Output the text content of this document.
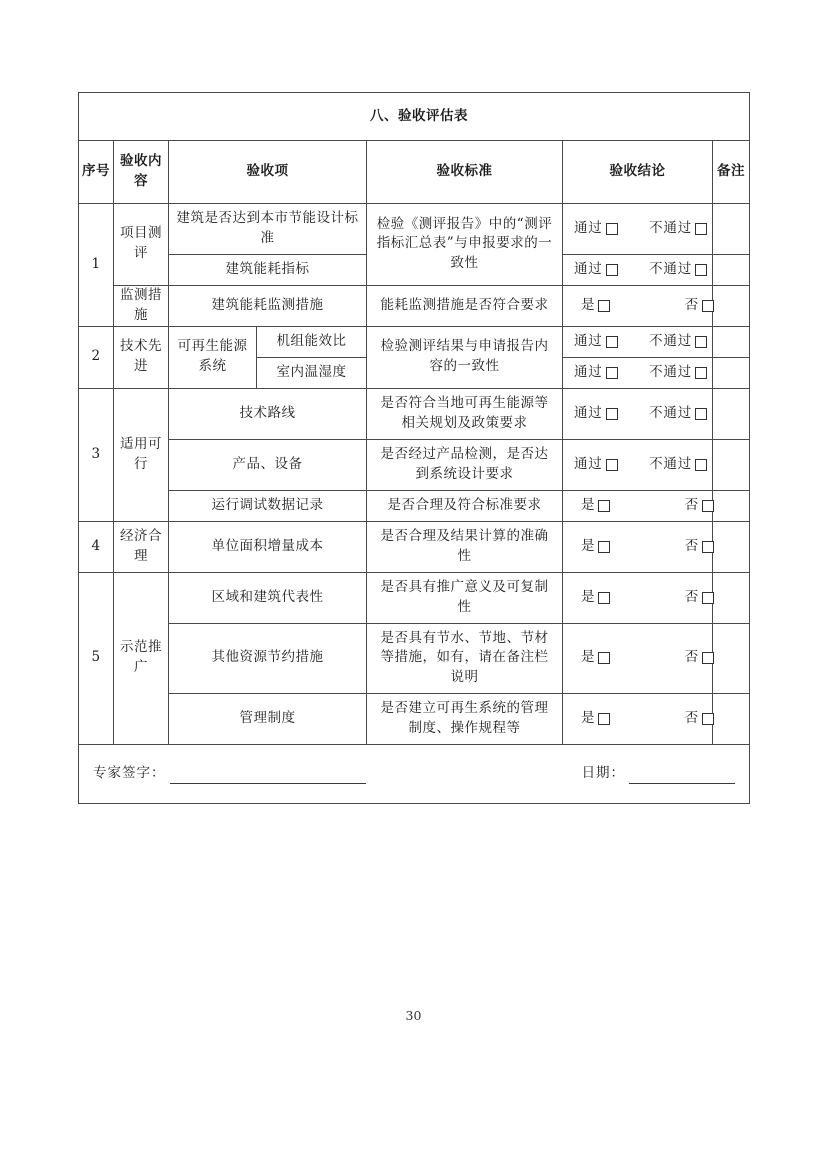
八、验收评估表						
序号	验收内容	验收项		验收标准	验收结论	备注
1	项目测评	建筑是否达到本市节能设计标准		检验《测评报告》中的“测评指标汇总表”与申报要求的一致性	通过 不通过	

		建筑能耗指标			通过 不通过	

	监测措施	建筑能耗监测措施		能耗监测措施是否符合要求	是 否	

2	技术先进	可再生能源系统	机组能效比	检验测评结果与申请报告内容的一致性	通过 不通过	

			室内温湿度		通过 不通过	

3	适用可行	技术路线		是否符合当地可再生能源等相关规划及政策要求	通过 不通过	

		产品、设备		是否经过产品检测，是否达到系统设计要求	通过 不通过	

		运行调试数据记录		是否合理及符合标准要求	是 否	

4	经济合理	单位面积增量成本		是否合理及结果计算的准确性	是 否	

5	示范推广	区域和建筑代表性		是否具有推广意义及可复制性	是 否	

		其他资源节约措施		是否具有节水、节地、节材等措施，如有，请在备注栏说明	是 否	

		管理制度		是否建立可再生系统的管理制度、操作规程等	是 否	

专家签字： 日期：						
30
